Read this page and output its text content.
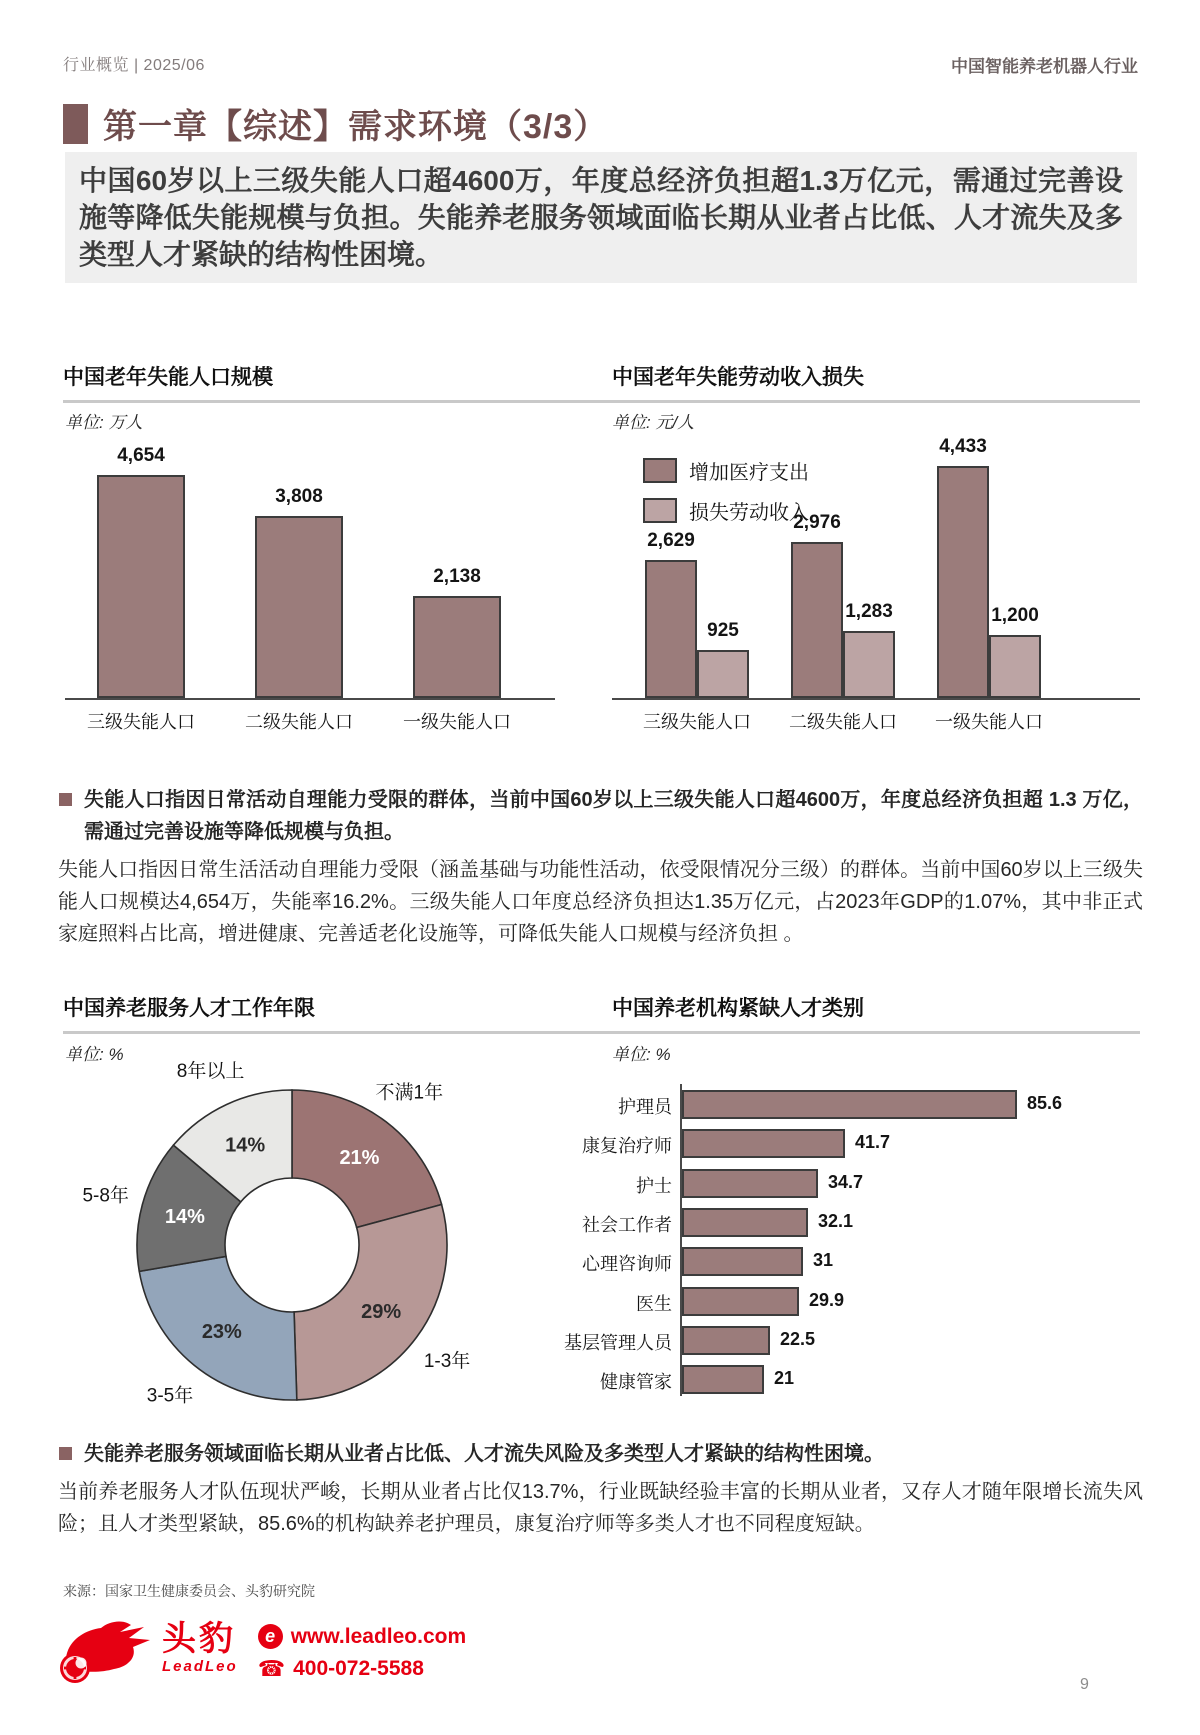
行业概览 | 2025/06	中国智能养老机器人行业
第一章【综述】需求环境（3/3）
中国60岁以上三级失能人口超4600万，年度总经济负担超1.3万亿元，需通过完善设施等降低失能规模与负担。失能养老服务领域面临长期从业者占比低、人才流失及多类型人才紧缺的结构性困境。
中国老年失能人口规模	中国老年失能劳动收入损失
单位: 万人	单位: 元/人
4,654
三级失能人口
3,808
二级失能人口
2,138
一级失能人口
增加医疗支出
损失劳动收入
2,629
925
三级失能人口
2,976
1,283
二级失能人口
4,433
1,200
一级失能人口
失能人口指因日常活动自理能力受限的群体，当前中国60岁以上三级失能人口超4600万，年度总经济负担超 1.3 万亿，需通过完善设施等降低规模与负担。
失能人口指因日常生活活动自理能力受限（涵盖基础与功能性活动，依受限情况分三级）的群体。当前中国60岁以上三级失能人口规模达4,654万，失能率16.2%。三级失能人口年度总经济负担达1.35万亿元，占2023年GDP的1.07%，其中非正式家庭照料占比高，增进健康、完善适老化设施等，可降低失能人口规模与经济负担 。
中国养老服务人才工作年限	中国养老机构紧缺人才类别
单位: %	单位: %
21%
不满1年
29%
1-3年
23%
3-5年
14%
5-8年
14%
8年以上
护理员	85.6
康复治疗师	41.7
护士	34.7
社会工作者	32.1
心理咨询师	31
医生	29.9
基层管理人员	22.5
健康管家	21
失能养老服务领域面临长期从业者占比低、人才流失风险及多类型人才紧缺的结构性困境。
当前养老服务人才队伍现状严峻，长期从业者占比仅13.7%，行业既缺经验丰富的长期从业者，又存人才随年限增长流失风险；且人才类型紧缺，85.6%的机构缺养老护理员，康复治疗师等多类人才也不同程度短缺。
来源：国家卫生健康委员会、头豹研究院
头豹
LeadLeo
e www.leadleo.com
☎ 400-072-5588
9
